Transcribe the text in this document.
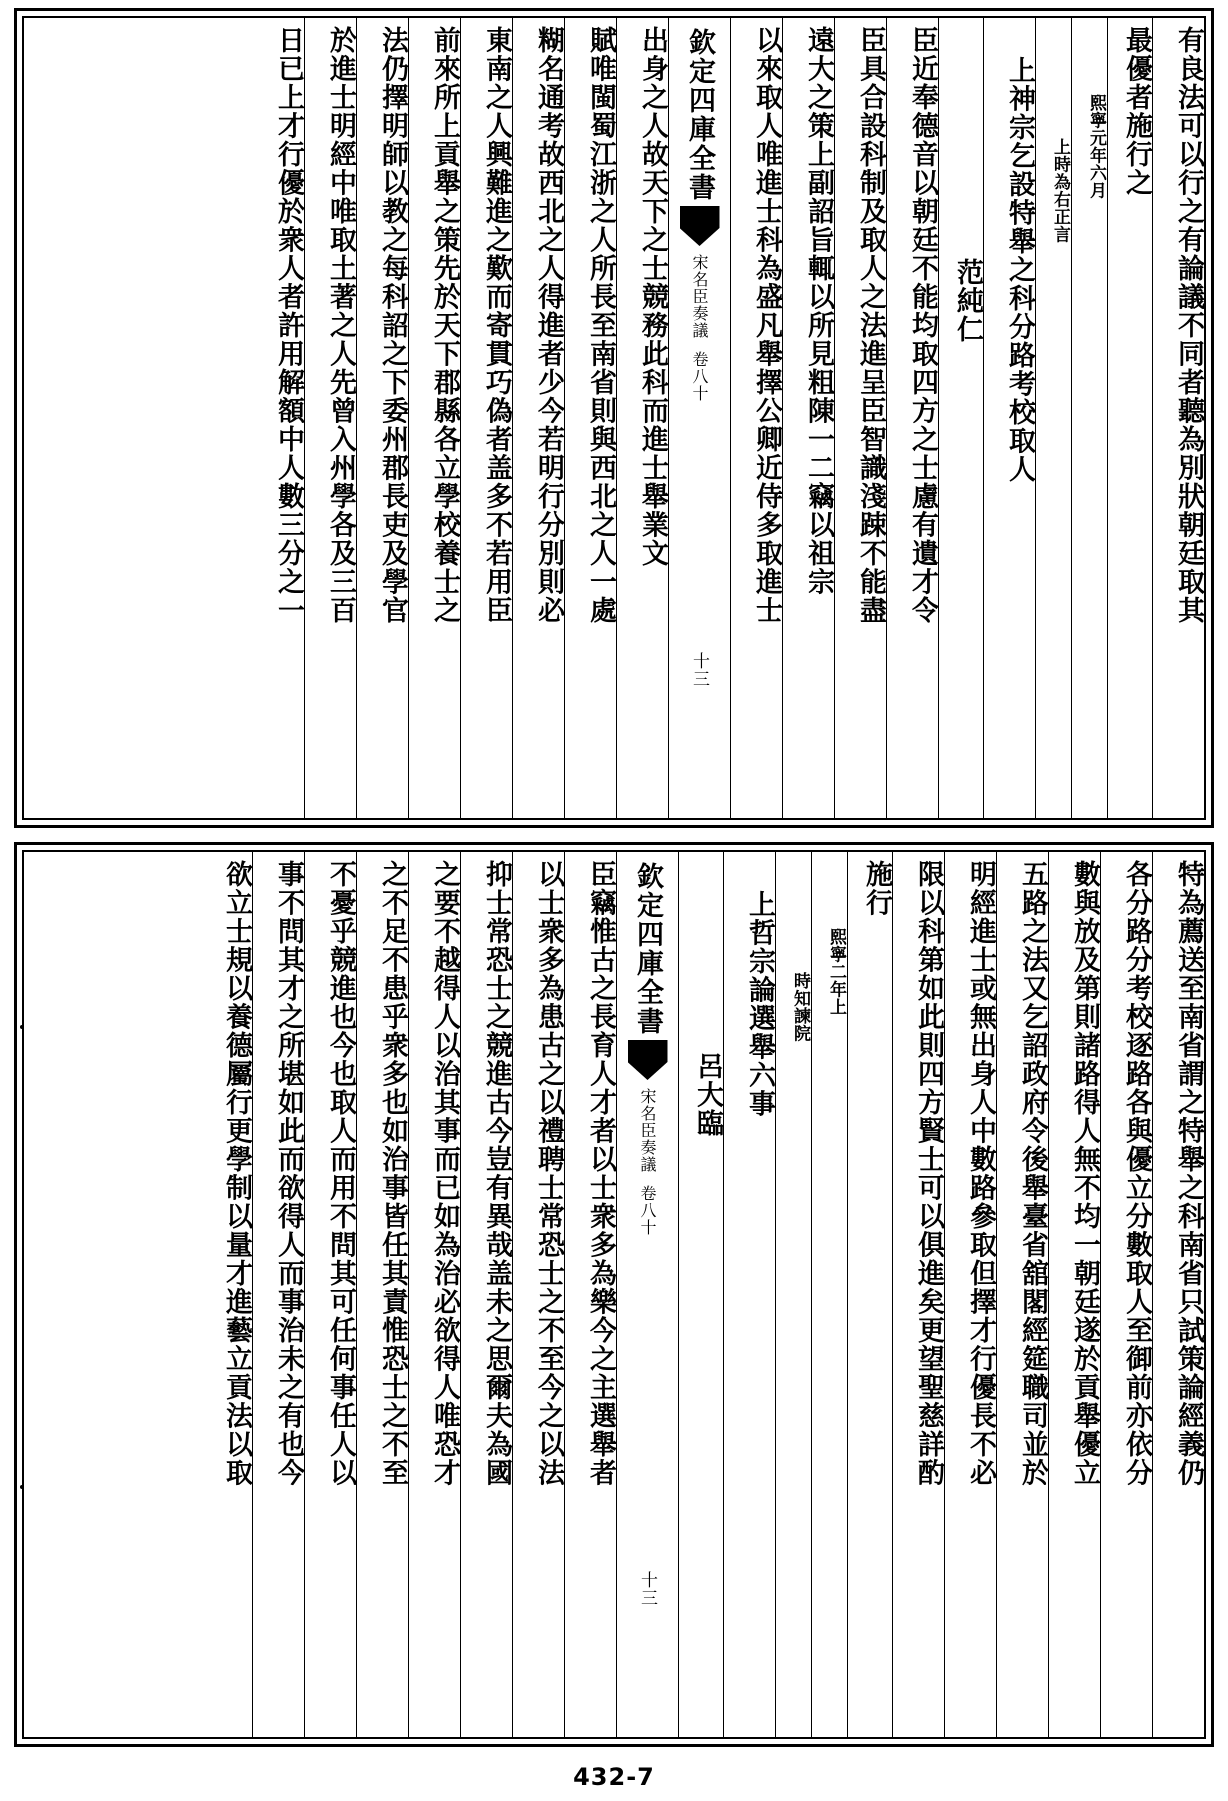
有良法可以行之有論議不同者聽為別狀朝廷取其
最優者施行之
熙寧元年六月
上時為右正言
上神宗乞設特舉之科分路考校取人
范純仁
臣近奉德音以朝廷不能均取四方之士慮有遺才令
臣具合設科制及取人之法進呈臣智識淺踈不能盡
遠大之策上副詔旨輒以所見粗陳一二竊以祖宗
以來取人唯進士科為盛凡舉擇公卿近侍多取進士
欽定四庫全書
宋名臣奏議
卷八十
十三
出身之人故天下之士競務此科而進士舉業文
賦唯閩蜀江浙之人所長至南省則與西北之人一處
糊名通考故西北之人得進者少今若明行分別則必
東南之人興難進之歎而寄貫巧偽者盖多不若用臣
前來所上貢舉之策先於天下郡縣各立學校養士之
法仍擇明師以教之每科詔之下委州郡長吏及學官
於進士明經中唯取土著之人先曾入州學各及三百
日已上才行優於衆人者許用解額中人數三分之一
特為薦送至南省謂之特舉之科南省只試策論經義仍
各分路分考校逐路各與優立分數取人至御前亦依分
數與放及第則諸路得人無不均一朝廷遂於貢舉優立
五路之法又乞詔政府令後舉臺省舘閣經筵職司並於
明經進士或無出身人中數路參取但擇才行優長不必
限以科第如此則四方賢士可以俱進矣更望聖慈詳酌
施行
熙寧二年上
時知諫院
上哲宗論選舉六事
呂大臨
欽定四庫全書
宋名臣奏議
卷八十
十三
臣竊惟古之長育人才者以士衆多為樂今之主選舉者
以士衆多為患古之以禮聘士常恐士之不至今之以法
抑士常恐士之競進古今豈有異哉盖未之思爾夫為國
之要不越得人以治其事而已如為治必欲得人唯恐才
之不足不患乎衆多也如治事皆任其責惟恐士之不至
不憂乎競進也今也取人而用不問其可任何事任人以
事不問其才之所堪如此而欲得人而事治未之有也今
欲立士規以養德屬行更學制以量才進藝立貢法以取
432-7
